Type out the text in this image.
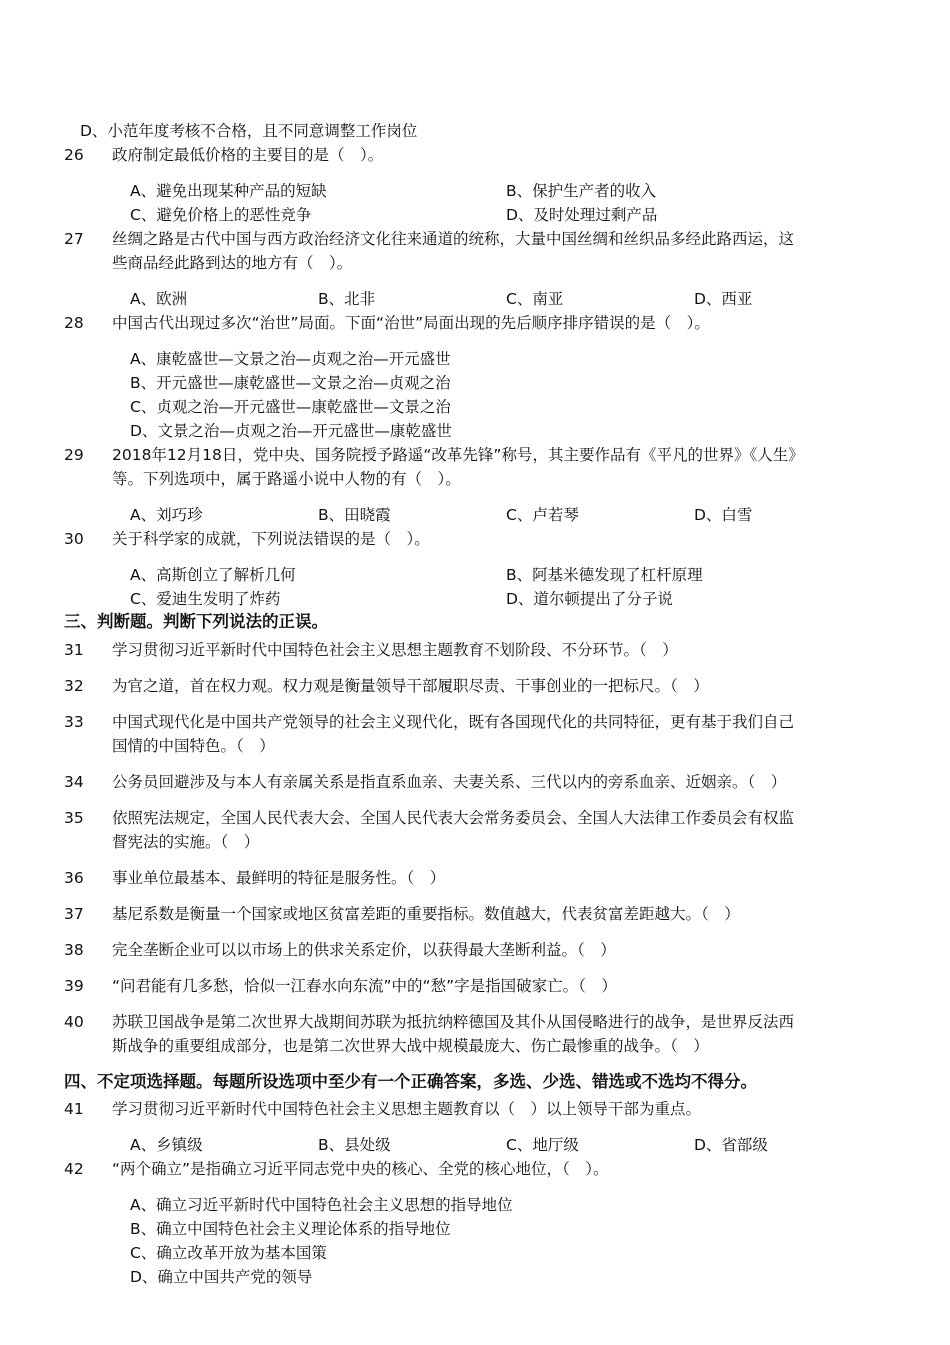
D、小范年度考核不合格，且不同意调整工作岗位
26 政府制定最低价格的主要目的是（　）。
A、避免出现某种产品的短缺	B、保护生产者的收入
C、避免价格上的恶性竞争	D、及时处理过剩产品
27 丝绸之路是古代中国与西方政治经济文化往来通道的统称，大量中国丝绸和丝织品多经此路西运，这
些商品经此路到达的地方有（　）。
A、欧洲	B、北非	C、南亚	D、西亚
28 中国古代出现过多次“治世”局面。下面“治世”局面出现的先后顺序排序错误的是（　）。
A、康乾盛世—文景之治—贞观之治—开元盛世
B、开元盛世—康乾盛世—文景之治—贞观之治
C、贞观之治—开元盛世—康乾盛世—文景之治
D、文景之治—贞观之治—开元盛世—康乾盛世
29 2018年12月18日，党中央、国务院授予路遥“改革先锋”称号，其主要作品有《平凡的世界》《人生》
等。下列选项中，属于路遥小说中人物的有（　）。
A、刘巧珍	B、田晓霞	C、卢若琴	D、白雪
30 关于科学家的成就，下列说法错误的是（　）。
A、高斯创立了解析几何	B、阿基米德发现了杠杆原理
C、爱迪生发明了炸药	D、道尔顿提出了分子说
三、判断题。判断下列说法的正误。
31 学习贯彻习近平新时代中国特色社会主义思想主题教育不划阶段、不分环节。（　）
32 为官之道，首在权力观。权力观是衡量领导干部履职尽责、干事创业的一把标尺。（　）
33 中国式现代化是中国共产党领导的社会主义现代化，既有各国现代化的共同特征，更有基于我们自己
国情的中国特色。（　）
34 公务员回避涉及与本人有亲属关系是指直系血亲、夫妻关系、三代以内的旁系血亲、近姻亲。（　）
35 依照宪法规定，全国人民代表大会、全国人民代表大会常务委员会、全国人大法律工作委员会有权监
督宪法的实施。（　）
36 事业单位最基本、最鲜明的特征是服务性。（　）
37 基尼系数是衡量一个国家或地区贫富差距的重要指标。数值越大，代表贫富差距越大。（　）
38 完全垄断企业可以以市场上的供求关系定价，以获得最大垄断利益。（　）
39 “问君能有几多愁，恰似一江春水向东流”中的“愁”字是指国破家亡。（　）
40 苏联卫国战争是第二次世界大战期间苏联为抵抗纳粹德国及其仆从国侵略进行的战争，是世界反法西
斯战争的重要组成部分，也是第二次世界大战中规模最庞大、伤亡最惨重的战争。（　）
四、不定项选择题。每题所设选项中至少有一个正确答案，多选、少选、错选或不选均不得分。
41 学习贯彻习近平新时代中国特色社会主义思想主题教育以（　）以上领导干部为重点。
A、乡镇级	B、县处级	C、地厅级	D、省部级
42 “两个确立”是指确立习近平同志党中央的核心、全党的核心地位，（　）。
A、确立习近平新时代中国特色社会主义思想的指导地位
B、确立中国特色社会主义理论体系的指导地位
C、确立改革开放为基本国策
D、确立中国共产党的领导
